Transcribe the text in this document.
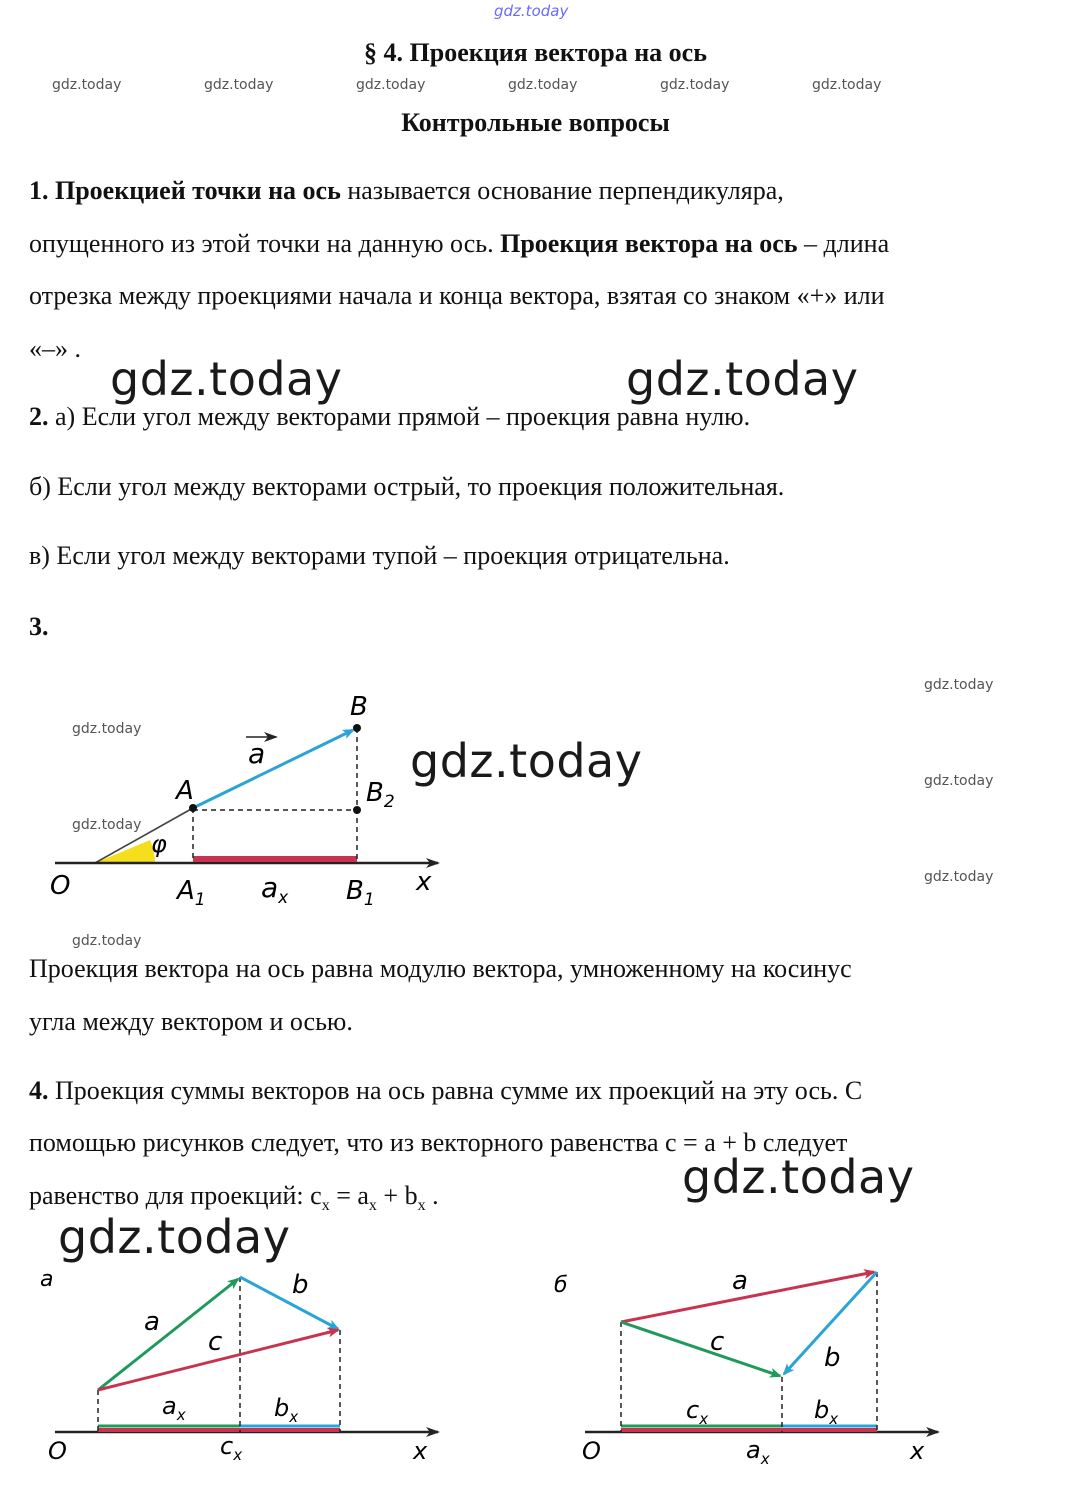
gdz.today
gdz.today	gdz.today	gdz.today	gdz.today	gdz.today	gdz.today
§ 4. Проекция вектора на ось
Контрольные вопросы
1. Проекцией точки на ось называется основание перпендикуляра,
опущенного из этой точки на данную ось. Проекция вектора на ось – длина
отрезка между проекциями начала и конца вектора, взятая со знаком «+» или
«–» .
gdz.today	gdz.today
2. а) Если угол между векторами прямой – проекция равна нулю.
б) Если угол между векторами острый, то проекция положительная.
в) Если угол между векторами тупой – проекция отрицательна.
3.
gdz.today
gdz.today
gdz.today
gdz.today
gdz.today
gdz.today
gdz.today
B
A	$B_2$
φ
O	$A_1$ $a_x$ $B_1$
x
a
Проекция вектора на ось равна модулю вектора, умноженному на косинус
угла между вектором и осью.
4. Проекция суммы векторов на ось равна сумме их проекций на эту ось. С
помощью рисунков следует, что из векторного равенства с = a + b следует
равенство для проекций: $c_x = a_x + b_x$ .	gdz.today
gdz.today
а
a
b
c
$a_x$	$b_x$
$c_x$
O	x
б	a
c
b
$c_x$	$b_x$
$a_x$
O	x
